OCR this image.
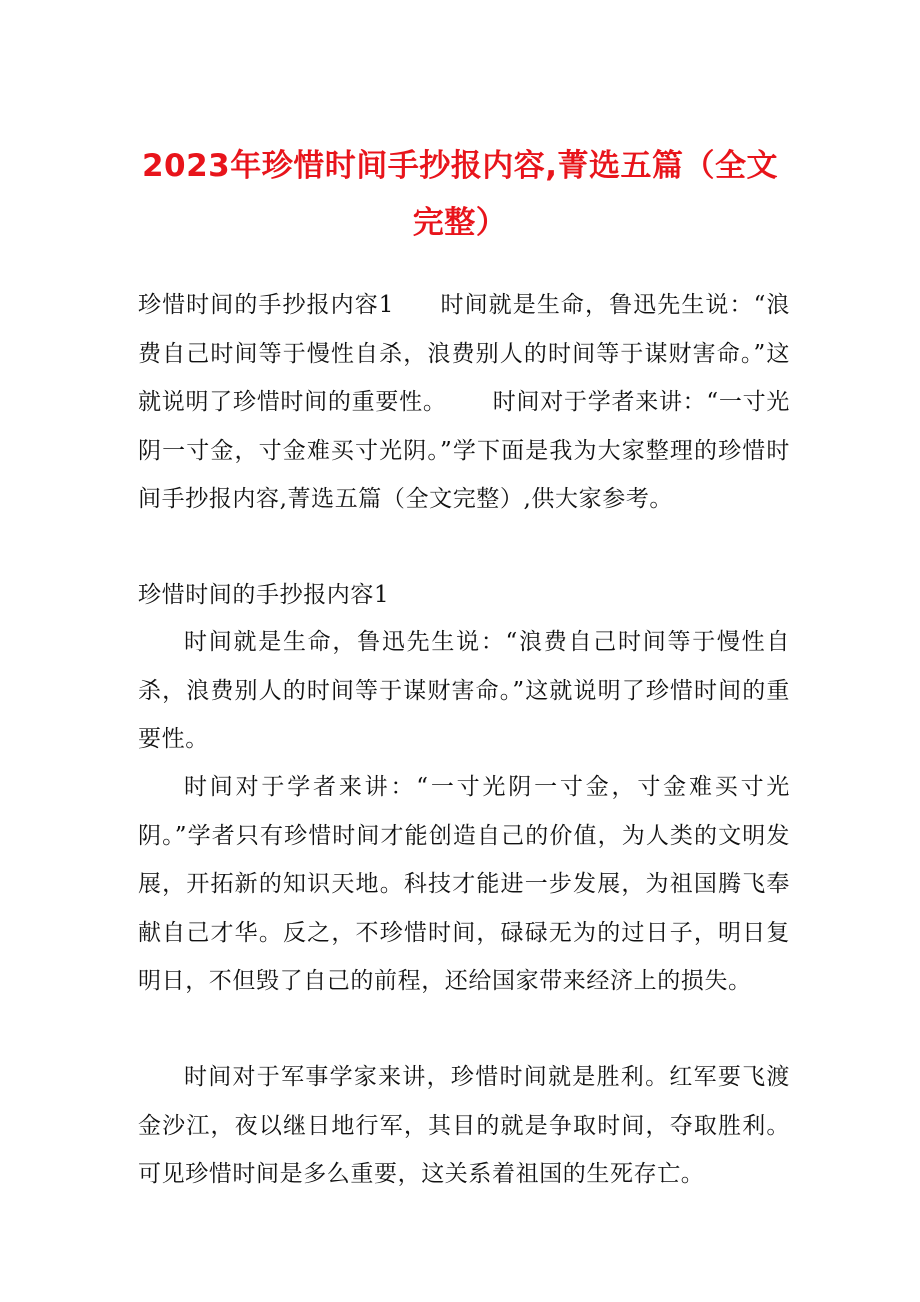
2023年珍惜时间手抄报内容,菁选五篇（全文完整）

珍惜时间的手抄报内容1 时间就是生命，鲁迅先生说：“浪费自己时间等于慢性自杀，浪费别人的时间等于谋财害命。”这就说明了珍惜时间的重要性。 时间对于学者来讲：“一寸光阴一寸金，寸金难买寸光阴。”学下面是我为大家整理的珍惜时间手抄报内容,菁选五篇（全文完整）,供大家参考。

珍惜时间的手抄报内容1

时间就是生命，鲁迅先生说：“浪费自己时间等于慢性自杀，浪费别人的时间等于谋财害命。”这就说明了珍惜时间的重要性。

时间对于学者来讲：“一寸光阴一寸金，寸金难买寸光阴。”学者只有珍惜时间才能创造自己的价值，为人类的文明发展，开拓新的知识天地。科技才能进一步发展，为祖国腾飞奉献自己才华。反之，不珍惜时间，碌碌无为的过日子，明日复明日，不但毁了自己的前程，还给国家带来经济上的损失。

时间对于军事学家来讲，珍惜时间就是胜利。红军要飞渡金沙江，夜以继日地行军，其目的就是争取时间，夺取胜利。可见珍惜时间是多么重要，这关系着祖国的生死存亡。
